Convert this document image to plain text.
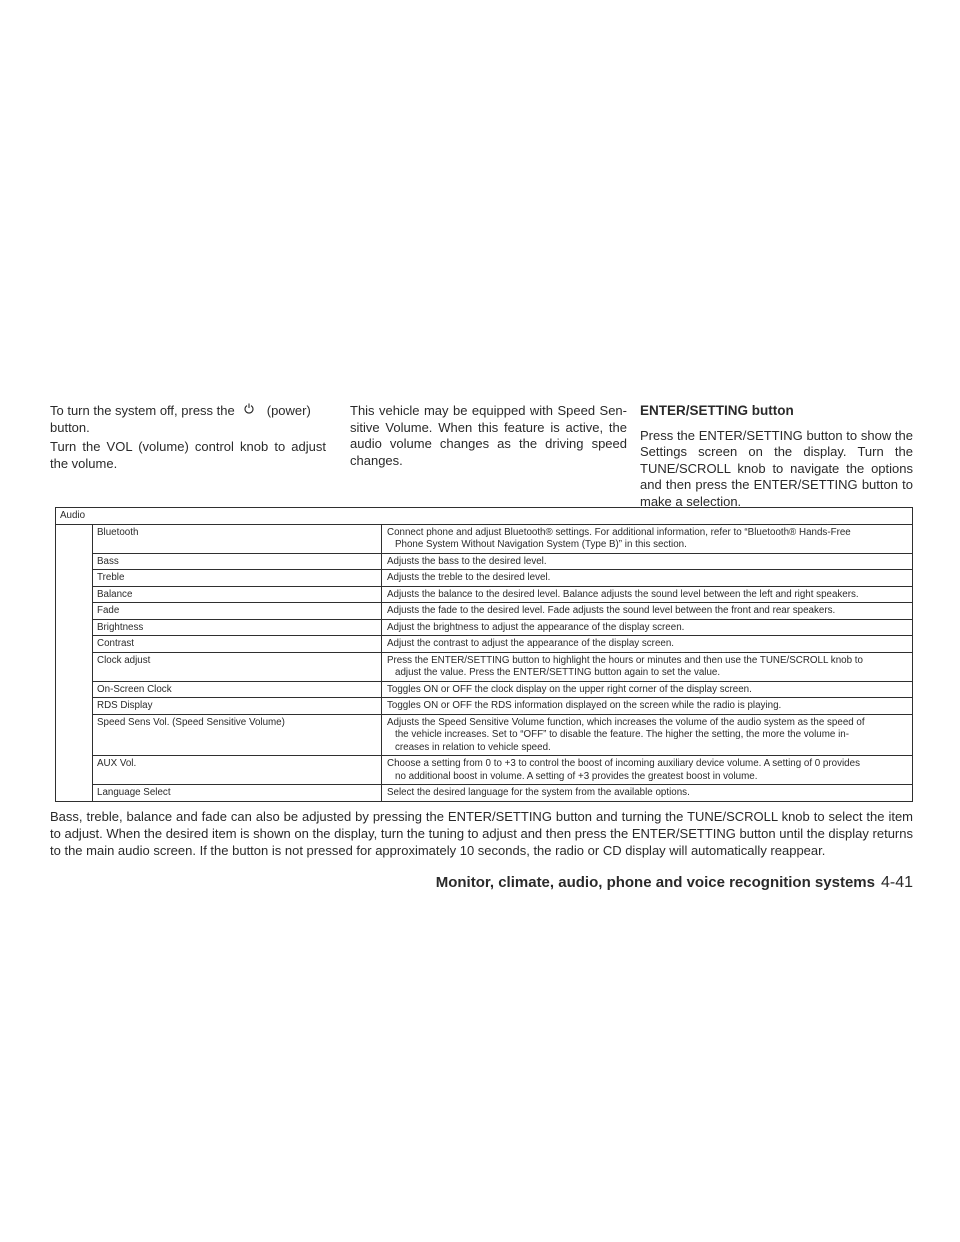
To turn the system off, press the (power) button.

Turn the VOL (volume) control knob to adjust the volume.

This vehicle may be equipped with Speed Sen-sitive Volume. When this feature is active, the audio volume changes as the driving speed changes.

ENTER/SETTING button

Press the ENTER/SETTING button to show the Settings screen on the display. Turn the TUNE/SCROLL knob to navigate the options and then press the ENTER/SETTING button to make a selection.

Audio		
	Bluetooth	Connect phone and adjust Bluetooth® settings. For additional information, refer to “Bluetooth® Hands-Free
Phone System Without Navigation System (Type B)” in this section.

	Bass	Adjusts the bass to the desired level.
	Treble	Adjusts the treble to the desired level.
	Balance	Adjusts the balance to the desired level. Balance adjusts the sound level between the left and right speakers.
	Fade	Adjusts the fade to the desired level. Fade adjusts the sound level between the front and rear speakers.
	Brightness	Adjust the brightness to adjust the appearance of the display screen.
	Contrast	Adjust the contrast to adjust the appearance of the display screen.
	Clock adjust	Press the ENTER/SETTING button to highlight the hours or minutes and then use the TUNE/SCROLL knob to
adjust the value. Press the ENTER/SETTING button again to set the value.

	On-Screen Clock	Toggles ON or OFF the clock display on the upper right corner of the display screen.
	RDS Display	Toggles ON or OFF the RDS information displayed on the screen while the radio is playing.
	Speed Sens Vol. (Speed Sensitive Volume)	Adjusts the Speed Sensitive Volume function, which increases the volume of the audio system as the speed of
the vehicle increases. Set to “OFF” to disable the feature. The higher the setting, the more the volume in-
creases in relation to vehicle speed.

	AUX Vol.	Choose a setting from 0 to +3 to control the boost of incoming auxiliary device volume. A setting of 0 provides
no additional boost in volume. A setting of +3 provides the greatest boost in volume.

	Language Select	Select the desired language for the system from the available options.

Bass, treble, balance and fade can also be adjusted by pressing the ENTER/SETTING button and turning the TUNE/SCROLL knob to select the item to adjust. When the desired item is shown on the display, turn the tuning to adjust and then press the ENTER/SETTING button until the display returns to the main audio screen. If the button is not pressed for approximately 10 seconds, the radio or CD display will automatically reappear.

Monitor, climate, audio, phone and voice recognition systems 4-41
